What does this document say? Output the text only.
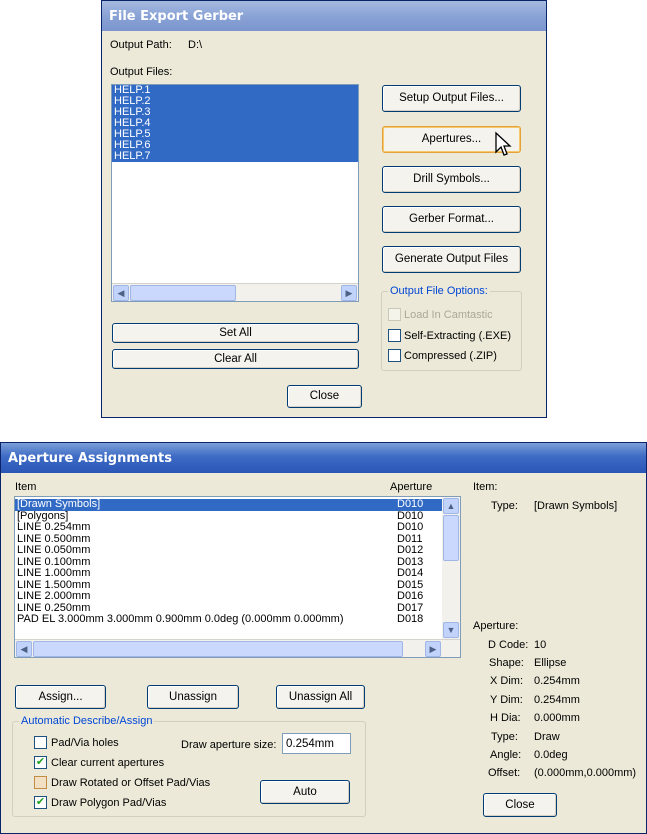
File Export Gerber
Output Path: D:\
Output Files:
HELP.1
HELP.2
HELP.3
HELP.4
HELP.5
HELP.6
HELP.7
◀	▶
Set All
Clear All
Setup Output Files...
Apertures...
Drill Symbols...
Gerber Format...
Generate Output Files
Output File Options:
Load In Camtastic
Self-Extracting (.EXE)
Compressed (.ZIP)
Close
Aperture Assignments
Item	Aperture
[Drawn Symbols]	D010
[Polygons]	D010
LINE 0.254mm	D010
LINE 0.500mm	D011
LINE 0.050mm	D012
LINE 0.100mm	D013
LINE 1.000mm	D014
LINE 1.500mm	D015
LINE 2.000mm	D016
LINE 0.250mm	D017
PAD EL 3.000mm 3.000mm 0.900mm 0.0deg (0.000mm 0.000mm)	D018
▲
▼
◀	▶
Item:
Type: [Drawn Symbols]
Aperture:
D Code: 10
Shape: Ellipse
X Dim: 0.254mm
Y Dim: 0.254mm
H Dia: 0.000mm
Type: Draw
Angle: 0.0deg
Offset: (0.000mm,0.000mm)
Assign...	Unassign	Unassign All
Automatic Describe/Assign
Pad/Via holes
✔ Clear current apertures
Draw Rotated or Offset Pad/Vias
✔ Draw Polygon Pad/Vias
Draw aperture size:
0.254mm
Auto
Close
